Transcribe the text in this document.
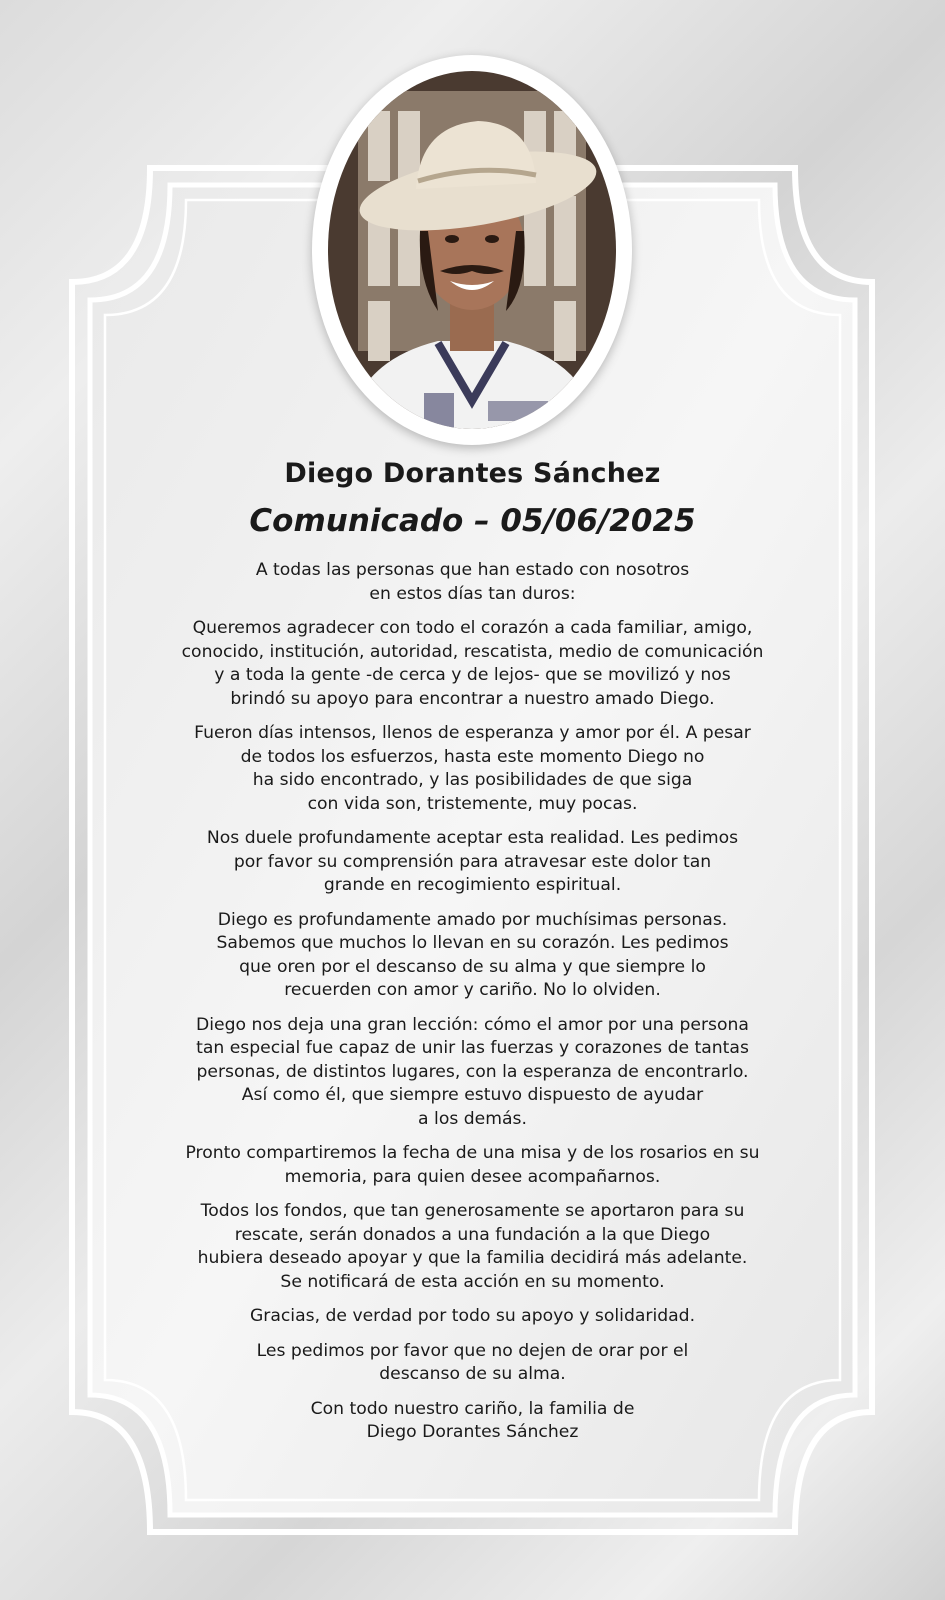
Diego Dorantes Sánchez
Comunicado – 05/06/2025
A todas las personas que han estado con nosotros
en estos días tan duros:
Queremos agradecer con todo el corazón a cada familiar, amigo,
conocido, institución, autoridad, rescatista, medio de comunicación
y a toda la gente -de cerca y de lejos- que se movilizó y nos
brindó su apoyo para encontrar a nuestro amado Diego.
Fueron días intensos, llenos de esperanza y amor por él. A pesar
de todos los esfuerzos, hasta este momento Diego no
ha sido encontrado, y las posibilidades de que siga
con vida son, tristemente, muy pocas.
Nos duele profundamente aceptar esta realidad. Les pedimos
por favor su comprensión para atravesar este dolor tan
grande en recogimiento espiritual.
Diego es profundamente amado por muchísimas personas.
Sabemos que muchos lo llevan en su corazón. Les pedimos
que oren por el descanso de su alma y que siempre lo
recuerden con amor y cariño. No lo olviden.
Diego nos deja una gran lección: cómo el amor por una persona
tan especial fue capaz de unir las fuerzas y corazones de tantas
personas, de distintos lugares, con la esperanza de encontrarlo.
Así como él, que siempre estuvo dispuesto de ayudar
a los demás.
Pronto compartiremos la fecha de una misa y de los rosarios en su
memoria, para quien desee acompañarnos.
Todos los fondos, que tan generosamente se aportaron para su
rescate, serán donados a una fundación a la que Diego
hubiera deseado apoyar y que la familia decidirá más adelante.
Se notificará de esta acción en su momento.
Gracias, de verdad por todo su apoyo y solidaridad.
Les pedimos por favor que no dejen de orar por el
descanso de su alma.
Con todo nuestro cariño, la familia de
Diego Dorantes Sánchez
